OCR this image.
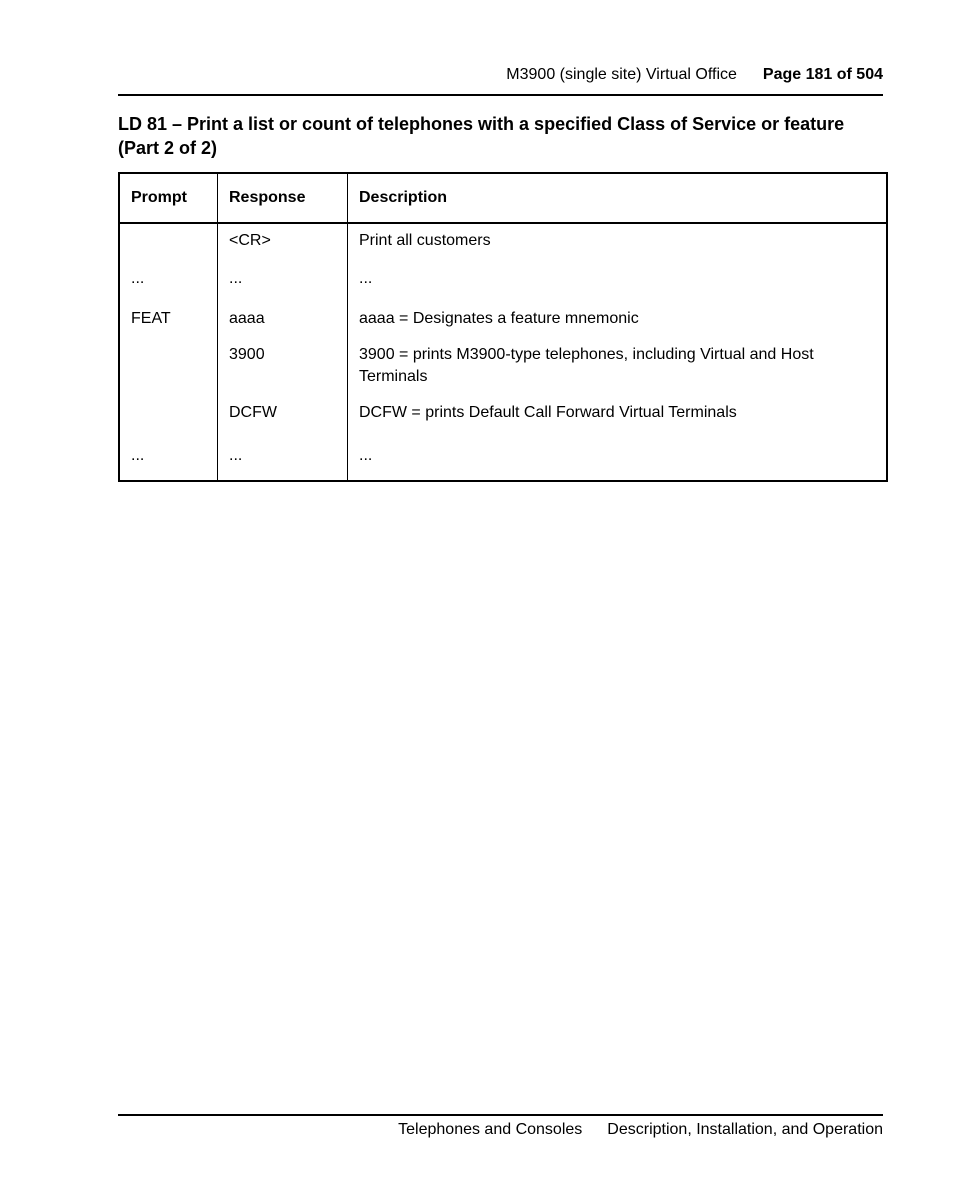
M3900 (single site) Virtual Office Page 181 of 504
LD 81 – Print a list or count of telephones with a specified Class of Service or feature (Part 2 of 2)
Prompt	Response	Description
	<CR>	Print all customers
...	...	...
FEAT	aaaa	aaaa = Designates a feature mnemonic
	3900	3900 = prints M3900-type telephones, including Virtual and Host Terminals
	DCFW	DCFW = prints Default Call Forward Virtual Terminals
...	...	...
Telephones and Consoles Description, Installation, and Operation
